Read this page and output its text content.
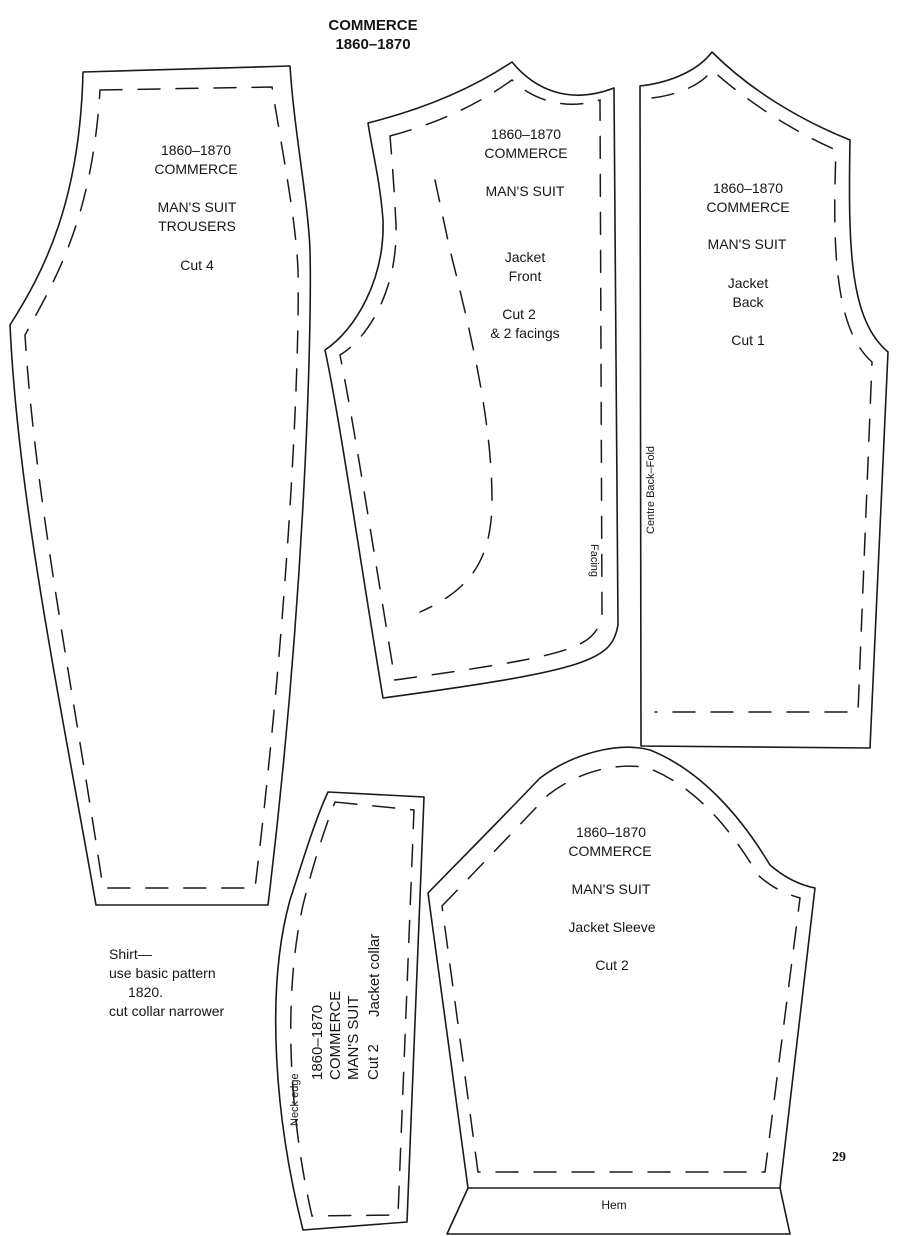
COMMERCE
1860–1870
1860–1870
COMMERCE
MAN'S SUIT
TROUSERS
Cut 4
1860–1870
COMMERCE
MAN'S SUIT
Jacket
Front
Cut 2
& 2 facings
Facing
1860–1870
COMMERCE
MAN'S SUIT
Jacket
Back
Cut 1
Centre Back–Fold
1860–1870 COMMERCE MAN'S SUIT Cut 2
Jacket collar
Neck edge
1860–1870
COMMERCE
MAN'S SUIT
Jacket Sleeve
Cut 2
Hem
Shirt—
use basic pattern
1820.
cut collar narrower
29
